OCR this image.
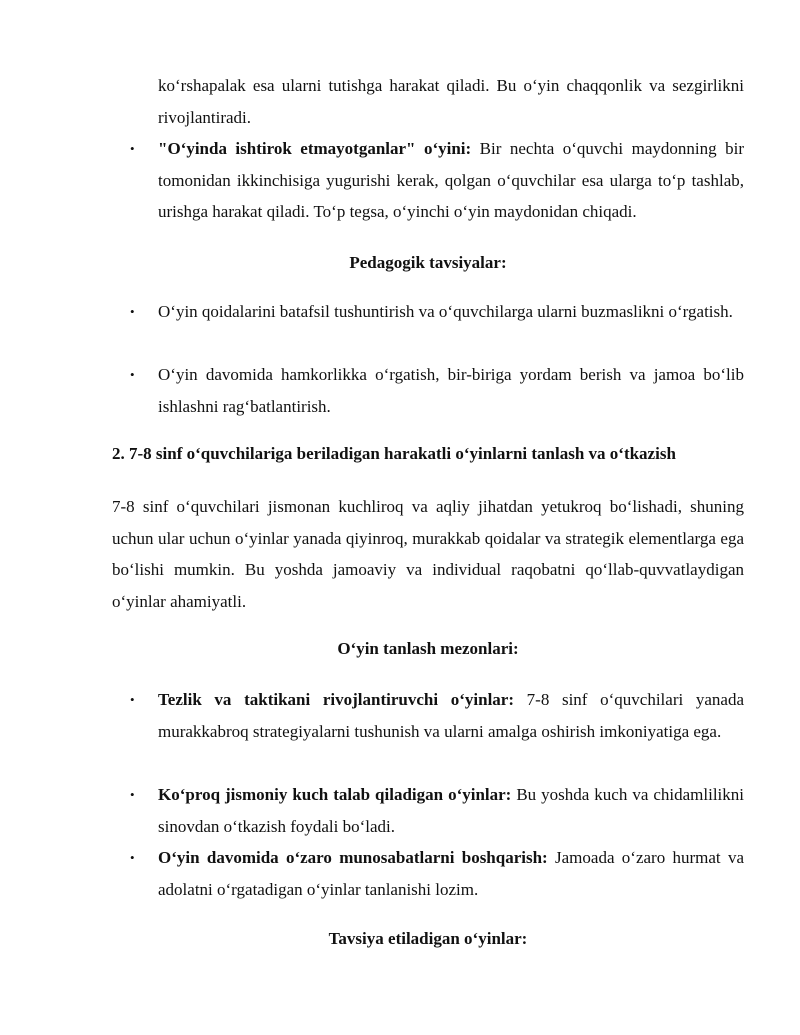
ko‘rshapalak esa ularni tutishga harakat qiladi. Bu o‘yin chaqqonlik va sezgirlikni rivojlantiradi.

• "O‘yinda ishtirok etmayotganlar" o‘yini: Bir nechta o‘quvchi maydonning bir tomonidan ikkinchisiga yugurishi kerak, qolgan o‘quvchilar esa ularga to‘p tashlab, urishga harakat qiladi. To‘p tegsa, o‘yinchi o‘yin maydonidan chiqadi.

Pedagogik tavsiyalar:

• O‘yin qoidalarini batafsil tushuntirish va o‘quvchilarga ularni buzmaslikni o‘rgatish.
• O‘yin davomida hamkorlikka o‘rgatish, bir-biriga yordam berish va jamoa bo‘lib ishlashni rag‘batlantirish.

2. 7-8 sinf o‘quvchilariga beriladigan harakatli o‘yinlarni tanlash va o‘tkazish

7-8 sinf o‘quvchilari jismonan kuchliroq va aqliy jihatdan yetukroq bo‘lishadi, shuning uchun ular uchun o‘yinlar yanada qiyinroq, murakkab qoidalar va strategik elementlarga ega bo‘lishi mumkin. Bu yoshda jamoaviy va individual raqobatni qo‘llab-quvvatlaydigan o‘yinlar ahamiyatli.

O‘yin tanlash mezonlari:

• Tezlik va taktikani rivojlantiruvchi o‘yinlar: 7-8 sinf o‘quvchilari yanada murakkabroq strategiyalarni tushunish va ularni amalga oshirish imkoniyatiga ega.
• Ko‘proq jismoniy kuch talab qiladigan o‘yinlar: Bu yoshda kuch va chidamlilikni sinovdan o‘tkazish foydali bo‘ladi.
• O‘yin davomida o‘zaro munosabatlarni boshqarish: Jamoada o‘zaro hurmat va adolatni o‘rgatadigan o‘yinlar tanlanishi lozim.

Tavsiya etiladigan o‘yinlar:
